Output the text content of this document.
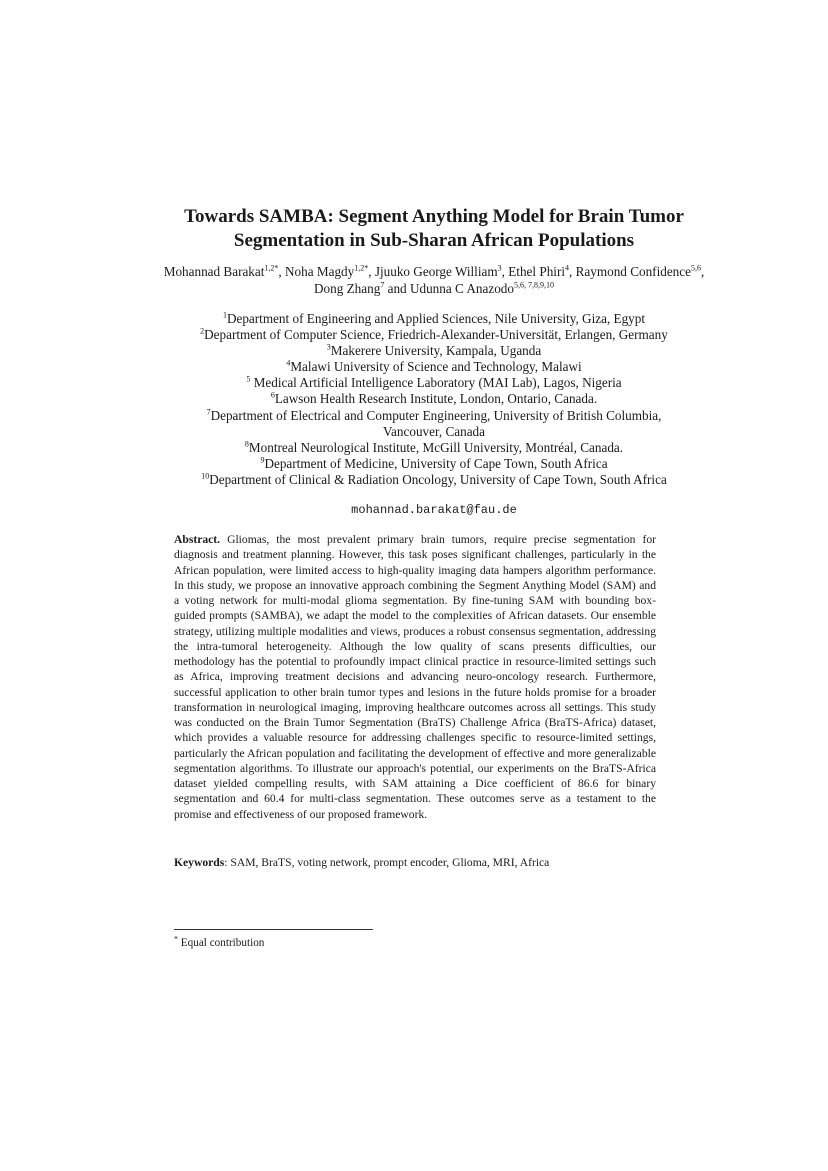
Towards SAMBA: Segment Anything Model for Brain Tumor
Segmentation in Sub-Sharan African Populations
Mohannad Barakat$^{1,2*}$, Noha Magdy$^{1,2*}$, Jjuuko George William$^3$, Ethel Phiri$^4$, Raymond Confidence$^{5,6}$, Dong Zhang$^7$ and Udunna C Anazodo$^{5,6, 7,8,9,10}$
$^1$Department of Engineering and Applied Sciences, Nile University, Giza, Egypt
$^2$Department of Computer Science, Friedrich-Alexander-Universität, Erlangen, Germany
$^3$Makerere University, Kampala, Uganda
$^4$Malawi University of Science and Technology, Malawi
$^5$ Medical Artificial Intelligence Laboratory (MAI Lab), Lagos, Nigeria
$^6$Lawson Health Research Institute, London, Ontario, Canada.
$^7$Department of Electrical and Computer Engineering, University of British Columbia,
Vancouver, Canada
$^8$Montreal Neurological Institute, McGill University, Montréal, Canada.
$^9$Department of Medicine, University of Cape Town, South Africa
$^{10}$Department of Clinical & Radiation Oncology, University of Cape Town, South Africa
mohannad.barakat@fau.de
Abstract. Gliomas, the most prevalent primary brain tumors, require precise segmentation for diagnosis and treatment planning. However, this task poses significant challenges, particularly in the African population, were limited access to high-quality imaging data hampers algorithm performance. In this study, we propose an innovative approach combining the Segment Anything Model (SAM) and a voting network for multi-modal glioma segmentation. By fine-tuning SAM with bounding box-guided prompts (SAMBA), we adapt the model to the complexities of African datasets. Our ensemble strategy, utilizing multiple modalities and views, produces a robust consensus segmentation, addressing the intra-tumoral heterogeneity. Although the low quality of scans presents difficulties, our methodology has the potential to profoundly impact clinical practice in resource-limited settings such as Africa, improving treatment decisions and advancing neuro-oncology research. Furthermore, successful application to other brain tumor types and lesions in the future holds promise for a broader transformation in neurological imaging, improving healthcare outcomes across all settings. This study was conducted on the Brain Tumor Segmentation (BraTS) Challenge Africa (BraTS-Africa) dataset, which provides a valuable resource for addressing challenges specific to resource-limited settings, particularly the African population and facilitating the development of effective and more generalizable segmentation algorithms. To illustrate our approach's potential, our experiments on the BraTS-Africa dataset yielded compelling results, with SAM attaining a Dice coefficient of 86.6 for binary segmentation and 60.4 for multi-class segmentation. These outcomes serve as a testament to the promise and effectiveness of our proposed framework.
Keywords: SAM, BraTS, voting network, prompt encoder, Glioma, MRI, Africa
* Equal contribution
